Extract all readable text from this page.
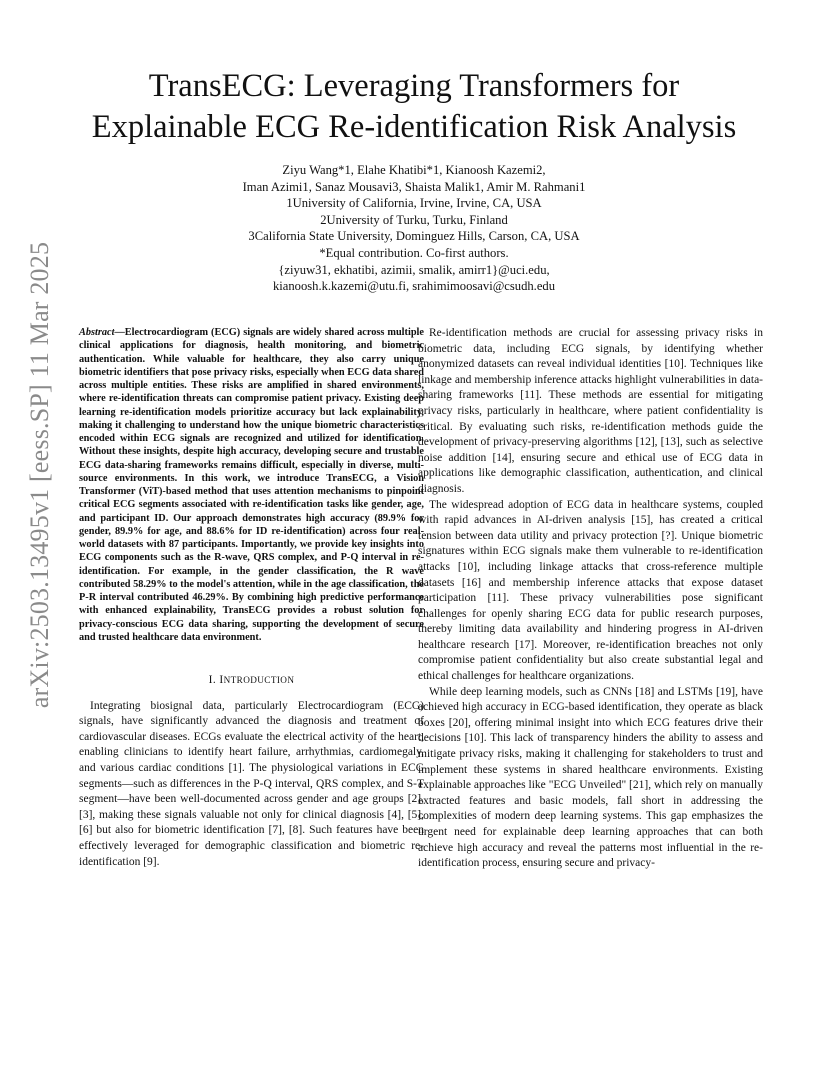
arXiv:2503.13495v1 [eess.SP] 11 Mar 2025
TransECG: Leveraging Transformers for
Explainable ECG Re-identification Risk Analysis
Ziyu Wang*1, Elahe Khatibi*1, Kianoosh Kazemi2,
Iman Azimi1, Sanaz Mousavi3, Shaista Malik1, Amir M. Rahmani1
1University of California, Irvine, Irvine, CA, USA
2University of Turku, Turku, Finland
3California State University, Dominguez Hills, Carson, CA, USA
*Equal contribution. Co-first authors.
{ziyuw31, ekhatibi, azimii, smalik, amirr1}@uci.edu,
kianoosh.k.kazemi@utu.fi, srahimimoosavi@csudh.edu

Abstract—Electrocardiogram (ECG) signals are widely shared across multiple clinical applications for diagnosis, health monitoring, and biometric authentication. While valuable for healthcare, they also carry unique biometric identifiers that pose privacy risks, especially when ECG data shared across multiple entities. These risks are amplified in shared environments, where re-identification threats can compromise patient privacy. Existing deep learning re-identification models prioritize accuracy but lack explainability, making it challenging to understand how the unique biometric characteristics encoded within ECG signals are recognized and utilized for identification. Without these insights, despite high accuracy, developing secure and trustable ECG data-sharing frameworks remains difficult, especially in diverse, multi-source environments. In this work, we introduce TransECG, a Vision Transformer (ViT)-based method that uses attention mechanisms to pinpoint critical ECG segments associated with re-identification tasks like gender, age, and participant ID. Our approach demonstrates high accuracy (89.9% for gender, 89.9% for age, and 88.6% for ID re-identification) across four real-world datasets with 87 participants. Importantly, we provide key insights into ECG components such as the R-wave, QRS complex, and P-Q interval in re-identification. For example, in the gender classification, the R wave contributed 58.29% to the model's attention, while in the age classification, the P-R interval contributed 46.29%. By combining high predictive performance with enhanced explainability, TransECG provides a robust solution for privacy-conscious ECG data sharing, supporting the development of secure and trusted healthcare data environment.

I. INTRODUCTION

Integrating biosignal data, particularly Electrocardiogram (ECG) signals, have significantly advanced the diagnosis and treatment of cardiovascular diseases. ECGs evaluate the electrical activity of the heart, enabling clinicians to identify heart failure, arrhythmias, cardiomegaly, and various cardiac conditions [1]. The physiological variations in ECG segments—such as differences in the P-Q interval, QRS complex, and S-T segment—have been well-documented across gender and age groups [2], [3], making these signals valuable not only for clinical diagnosis [4], [5], [6] but also for biometric identification [7], [8]. Such features have been effectively leveraged for demographic classification and biometric re-identification [9].

Re-identification methods are crucial for assessing privacy risks in biometric data, including ECG signals, by identifying whether anonymized datasets can reveal individual identities [10]. Techniques like linkage and membership inference attacks highlight vulnerabilities in data-sharing frameworks [11]. These methods are essential for mitigating privacy risks, particularly in healthcare, where patient confidentiality is critical. By evaluating such risks, re-identification methods guide the development of privacy-preserving algorithms [12], [13], such as selective noise addition [14], ensuring secure and ethical use of ECG data in applications like demographic classification, authentication, and clinical diagnosis.

The widespread adoption of ECG data in healthcare systems, coupled with rapid advances in AI-driven analysis [15], has created a critical tension between data utility and privacy protection [?]. Unique biometric signatures within ECG signals make them vulnerable to re-identification attacks [10], including linkage attacks that cross-reference multiple datasets [16] and membership inference attacks that expose dataset participation [11]. These privacy vulnerabilities pose significant challenges for openly sharing ECG data for public research purposes, thereby limiting data availability and hindering progress in AI-driven healthcare research [17]. Moreover, re-identification breaches not only compromise patient confidentiality but also create substantial legal and ethical challenges for healthcare organizations.

While deep learning models, such as CNNs [18] and LSTMs [19], have achieved high accuracy in ECG-based identification, they operate as black boxes [20], offering minimal insight into which ECG features drive their decisions [10]. This lack of transparency hinders the ability to assess and mitigate privacy risks, making it challenging for stakeholders to trust and implement these systems in shared healthcare environments. Existing explainable approaches like "ECG Unveiled" [21], which rely on manually extracted features and basic models, fall short in addressing the complexities of modern deep learning systems. This gap emphasizes the urgent need for explainable deep learning approaches that can both achieve high accuracy and reveal the patterns most influential in the re-identification process, ensuring secure and privacy-
